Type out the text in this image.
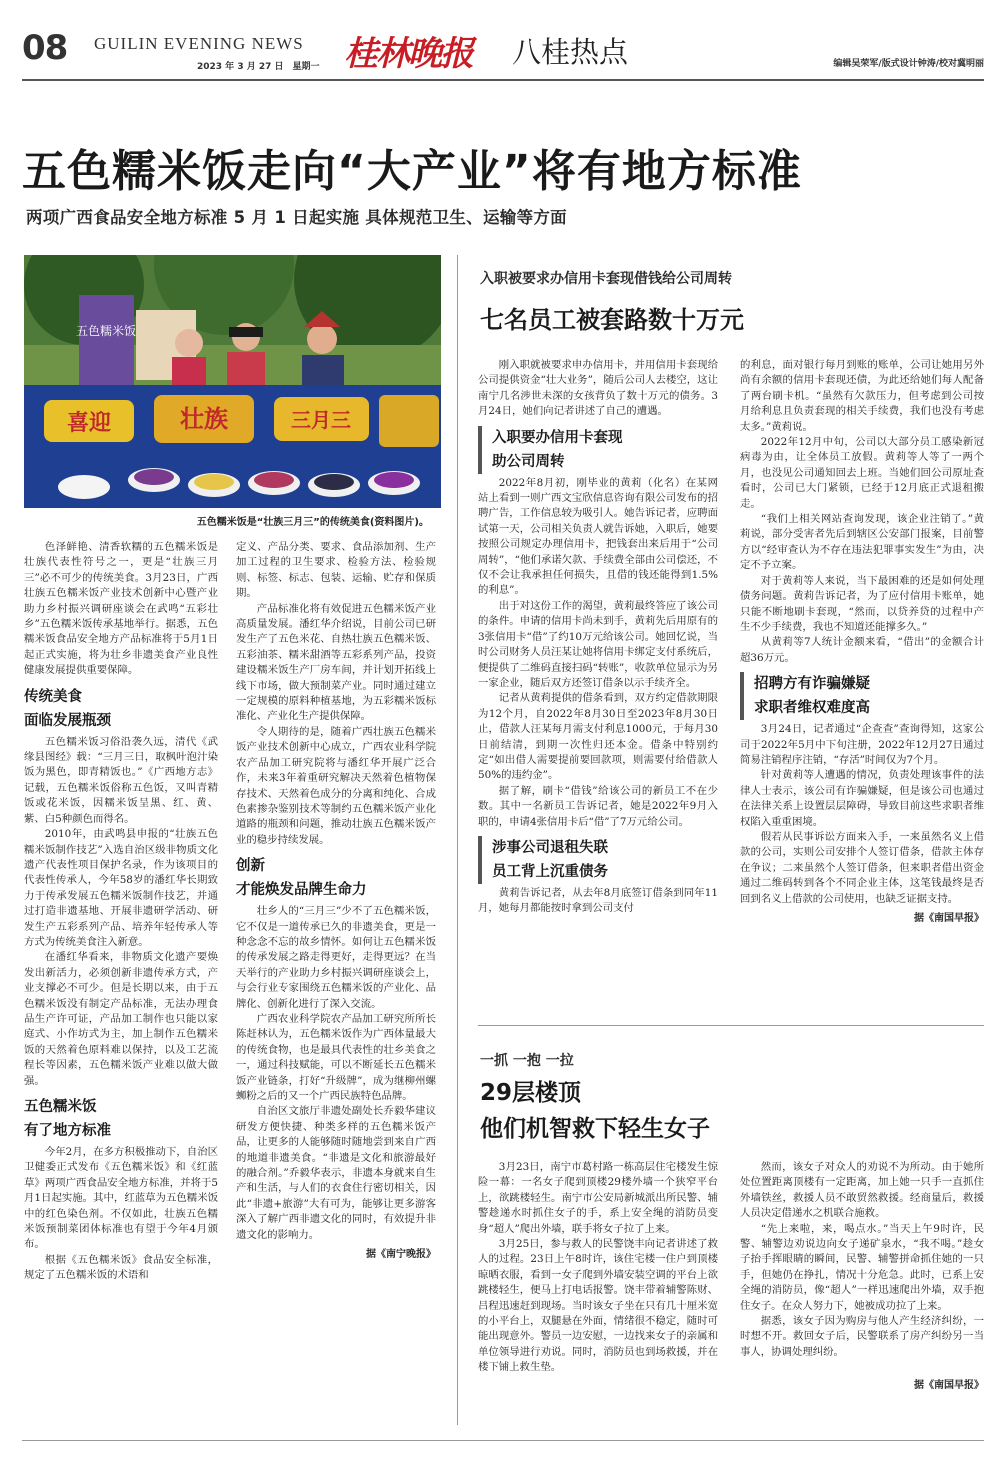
08 GUILIN EVENING NEWS
2023 年 3 月 27 日　星期一 桂林晚报 八桂热点	编辑吴荣军/版式设计钟涛/校对冀明丽
五色糯米饭走向“大产业”将有地方标准
两项广西食品安全地方标准 5 月 1 日起实施 具体规范卫生、运输等方面
五色糯米饭
喜迎	壮族	三月三
五色糯米饭是“壮族三月三”的传统美食(资料图片)。

色泽鲜艳、清香软糯的五色糯米饭是壮族代表性符号之一，更是“壮族三月三”必不可少的传统美食。3月23日，广西壮族五色糯米饭产业技术创新中心暨产业助力乡村振兴调研座谈会在武鸣“五彩壮乡”五色糯米饭传承基地举行。据悉，五色糯米饭食品安全地方产品标准将于5月1日起正式实施，将为壮乡非遗美食产业良性健康发展提供重要保障。

传统美食
面临发展瓶颈

五色糯米饭习俗沿袭久远，清代《武缘县图经》载：“三月三日，取枫叶泡汁染饭为黑色，即青精饭也。”《广西地方志》记载，五色糯米饭俗称五色饭，又叫青精饭或花米饭，因糯米饭呈黑、红、黄、紫、白5种颜色而得名。

2010年，由武鸣县申报的“壮族五色糯米饭制作技艺”入选自治区级非物质文化遗产代表性项目保护名录，作为该项目的代表性传承人，今年58岁的潘红华长期致力于传承发展五色糯米饭制作技艺，并通过打造非遗基地、开展非遗研学活动、研发生产五彩系列产品、培养年轻传承人等方式为传统美食注入新意。

在潘红华看来，非物质文化遗产要焕发出新活力，必须创新非遗传承方式，产业支撑必不可少。但是长期以来，由于五色糯米饭没有制定产品标准，无法办理食品生产许可证，产品加工制作也只能以家庭式、小作坊式为主，加上制作五色糯米饭的天然着色原料难以保持，以及工艺流程长等因素，五色糯米饭产业难以做大做强。

五色糯米饭
有了地方标准

今年2月，在多方积极推动下，自治区卫健委正式发布《五色糯米饭》和《红蓝草》两项广西食品安全地方标准，并将于5月1日起实施。其中，红蓝草为五色糯米饭中的红色染色剂。不仅如此，壮族五色糯米饭预制菜团体标准也有望于今年4月颁布。

根据《五色糯米饭》食品安全标准，规定了五色糯米饭的术语和

定义、产品分类、要求、食品添加剂、生产加工过程的卫生要求、检验方法、检验规则、标签、标志、包装、运输、贮存和保质期。

产品标准化将有效促进五色糯米饭产业高质量发展。潘红华介绍说，目前公司已研发生产了五色米花、自热壮族五色糯米饭、五彩油茶、糯米甜酒等五彩系列产品，投资建设糯米饭生产厂房车间，并计划开拓线上线下市场，做大预制菜产业。同时通过建立一定规模的原料种植基地，为五彩糯米饭标准化、产业化生产提供保障。

令人期待的是，随着广西壮族五色糯米饭产业技术创新中心成立，广西农业科学院农产品加工研究院将与潘红华开展广泛合作，未来3年着重研究解决天然着色植物保存技术、天然着色成分的分离和纯化、合成色素掺杂鉴别技术等制约五色糯米饭产业化道路的瓶颈和问题，推动壮族五色糯米饭产业的稳步持续发展。

创新
才能焕发品牌生命力

壮乡人的“三月三”少不了五色糯米饭，它不仅是一道传承已久的非遗美食，更是一种念念不忘的故乡情怀。如何让五色糯米饭的传承发展之路走得更好，走得更远？在当天举行的产业助力乡村振兴调研座谈会上，与会行业专家围绕五色糯米饭的产业化、品牌化、创新化进行了深入交流。

广西农业科学院农产品加工研究所所长陈赶林认为，五色糯米饭作为广西体量最大的传统食物，也是最具代表性的壮乡美食之一，通过科技赋能，可以不断延长五色糯米饭产业链条，打好“升级牌”，成为继柳州螺蛳粉之后的又一个广西民族特色品牌。

自治区文旅厅非遗处副处长乔毅华建议研发方便快捷、种类多样的五色糯米饭产品，让更多的人能够随时随地尝到来自广西的地道非遗美食。“非遗是文化和旅游最好的融合剂。”乔毅华表示，非遗本身就来自生产和生活，与人们的衣食住行密切相关，因此“非遗+旅游”大有可为，能够让更多游客深入了解广西非遗文化的同时，有效提升非遗文化的影响力。

据《南宁晚报》
入职被要求办信用卡套现借钱给公司周转
七名员工被套路数十万元

刚入职就被要求申办信用卡，并用信用卡套现给公司提供资金“壮大业务”，随后公司人去楼空，这让南宁几名涉世未深的女孩背负了数十万元的债务。3月24日，她们向记者讲述了自己的遭遇。

入职要办信用卡套现
助公司周转

2022年8月初，刚毕业的黄莉（化名）在某网站上看到一则广西文宝欣信息咨询有限公司发布的招聘广告，工作信息较为吸引人。她告诉记者，应聘面试第一天，公司相关负责人就告诉她，入职后，她要按照公司规定办理信用卡，把钱套出来后用于“公司周转”，“他们承诺欠款、手续费全部由公司偿还，不仅不会让我承担任何损失，且借的钱还能得到1.5%的利息”。

出于对这份工作的渴望，黄莉最终答应了该公司的条件。申请的信用卡尚未到手，黄莉先后用原有的3张信用卡“借”了约10万元给该公司。她回忆说，当时公司财务人员汪某让她将信用卡绑定支付系统后，便提供了二维码直接扫码“转账”，收款单位显示为另一家企业，随后双方还签订借条以示手续齐全。

记者从黄莉提供的借条看到，双方约定借款期限为12个月，自2022年8月30日至2023年8月30日止，借款人汪某每月需支付利息1000元，于每月30日前结清，到期一次性归还本金。借条中特别约定“如出借人需要提前要回款项，则需要付给借款人50%的违约金”。

据了解，刷卡“借钱”给该公司的新员工不在少数。其中一名新员工告诉记者，她是2022年9月入职的，申请4张信用卡后“借”了7万元给公司。

涉事公司退租失联
员工背上沉重债务

黄莉告诉记者，从去年8月底签订借条到同年11月，她每月都能按时拿到公司支付

的利息，面对银行每月到账的账单，公司让她用另外尚有余额的信用卡套现还债，为此还给她们每人配备了两台刷卡机。“虽然有欠款压力，但考虑到公司按月给利息且负责套现的相关手续费，我们也没有考虑太多。”黄莉说。

2022年12月中旬，公司以大部分员工感染新冠病毒为由，让全体员工放假。黄莉等人等了一两个月，也没见公司通知回去上班。当她们回公司原址查看时，公司已大门紧锁，已经于12月底正式退租搬走。

“我们上相关网站查询发现，该企业注销了。”黄莉说，部分受害者先后到辖区公安部门报案，目前警方以“经审查认为不存在违法犯罪事实发生”为由，决定不予立案。

对于黄莉等人来说，当下最困难的还是如何处理债务问题。黄莉告诉记者，为了应付信用卡账单，她只能不断地刷卡套现，“然而，以贷养贷的过程中产生不少手续费，我也不知道还能撑多久。”

从黄莉等7人统计金额来看，“借出”的金额合计超36万元。

招聘方有诈骗嫌疑
求职者维权难度高

3月24日，记者通过“企查查”查询得知，这家公司于2022年5月中下旬注册，2022年12月27日通过简易注销程序注销，“存活”时间仅为7个月。

针对黄莉等人遭遇的情况，负责处理该事件的法律人士表示，该公司有诈骗嫌疑，但是该公司也通过在法律关系上设置层层障碍，导致目前这些求职者维权陷入重重困境。

假若从民事诉讼方面来入手，一来虽然名义上借款的公司，实则公司安排个人签订借条，借款主体存在争议；二来虽然个人签订借条，但来职者借出资金通过二维码转到各个不同企业主体，这笔钱最终是否回到名义上借款的公司使用，也缺乏证据支持。

据《南国早报》
一抓 一抱 一拉
29层楼顶
他们机智救下轻生女子

3月23日，南宁市葛村路一栋高层住宅楼发生惊险一幕：一名女子爬到顶楼29楼外墙一个狭窄平台上，欲跳楼轻生。南宁市公安局新城派出所民警、辅警趁递水时抓住女子的手，系上安全绳的消防员变身“超人”爬出外墙，联手将女子拉了上来。

3月25日，参与救人的民警饶丰向记者讲述了救人的过程。23日上午8时许，该住宅楼一住户到顶楼晾晒衣服，看到一女子爬到外墙安装空调的平台上欲跳楼轻生，便马上打电话报警。饶丰带着辅警陈财、吕程迅速赶到现场。当时该女子坐在只有几十厘米宽的小平台上，双腿悬在外面，情绪很不稳定，随时可能出现意外。警员一边安慰，一边找来女子的亲属和单位领导进行劝说。同时，消防员也到场救援，并在楼下铺上救生垫。

然而，该女子对众人的劝说不为所动。由于她所处位置距离顶楼有一定距离，加上她一只手一直抓住外墙铁丝，救援人员不敢贸然救援。经商量后，救援人员决定借递水之机联合施救。

“先上来啦，来，喝点水。”当天上午9时许，民警、辅警边劝说边向女子递矿泉水，“我不喝。”趁女子抬手挥眼睛的瞬间，民警、辅警拼命抓住她的一只手，但她仍在挣扎，情况十分危急。此时，已系上安全绳的消防员，像“超人”一样迅速爬出外墙，双手抱住女子。在众人努力下，她被成功拉了上来。

据悉，该女子因为购房与他人产生经济纠纷，一时想不开。救回女子后，民警联系了房产纠纷另一当事人，协调处理纠纷。

据《南国早报》
